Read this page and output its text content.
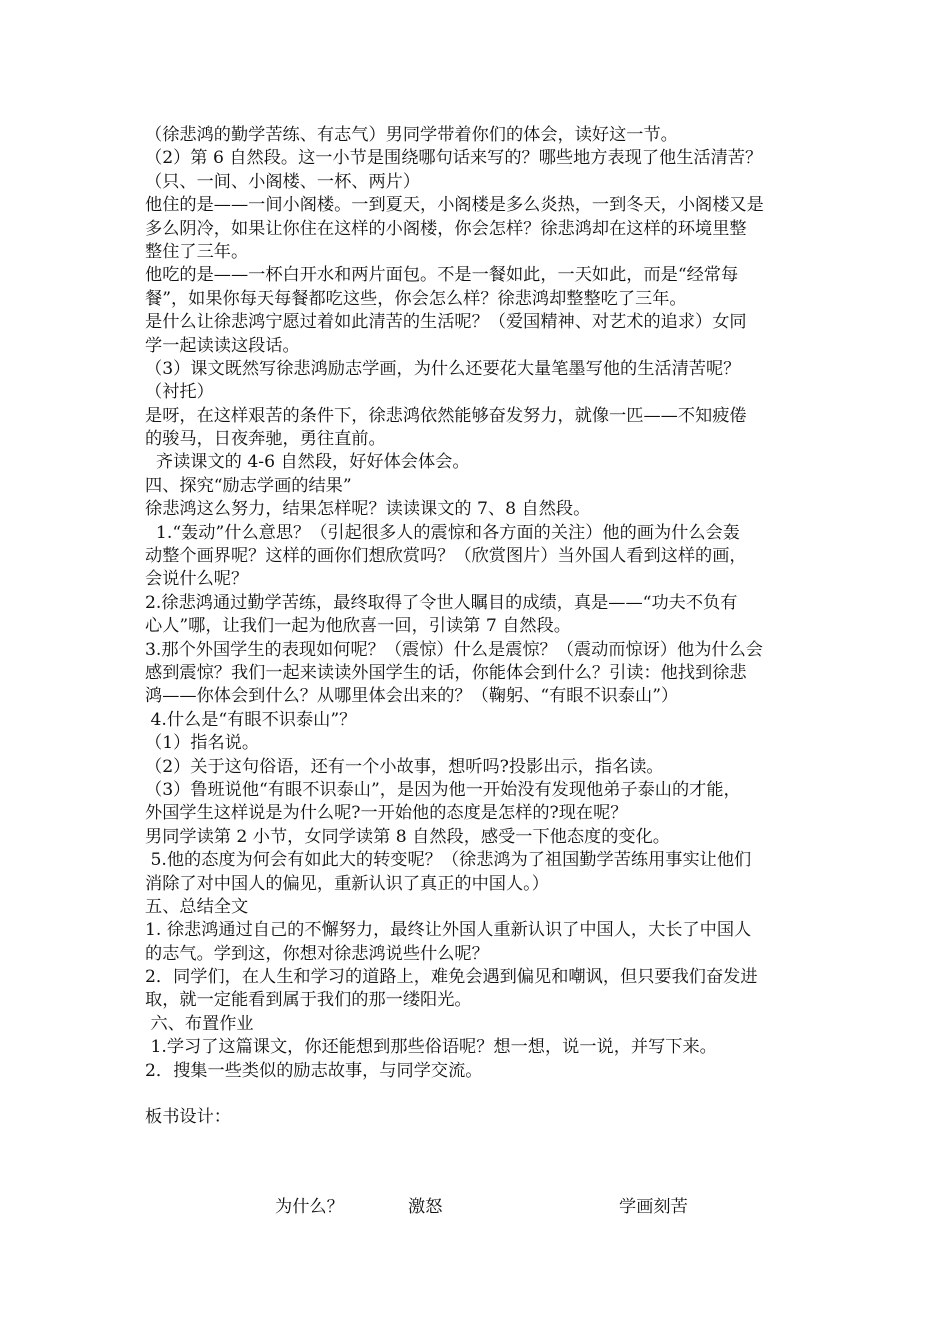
（徐悲鸿的勤学苦练、有志气）男同学带着你们的体会，读好这一节。
（2）第 6 自然段。这一小节是围绕哪句话来写的？哪些地方表现了他生活清苦？
（只、一间、小阁楼、一杯、两片）
他住的是——一间小阁楼。一到夏天，小阁楼是多么炎热，一到冬天，小阁楼又是
多么阴冷，如果让你住在这样的小阁楼，你会怎样？徐悲鸿却在这样的环境里整
整住了三年。
他吃的是——一杯白开水和两片面包。不是一餐如此，一天如此，而是“经常每
餐”，如果你每天每餐都吃这些，你会怎么样？徐悲鸿却整整吃了三年。
是什么让徐悲鸿宁愿过着如此清苦的生活呢？（爱国精神、对艺术的追求）女同
学一起读读这段话。
（3）课文既然写徐悲鸿励志学画，为什么还要花大量笔墨写他的生活清苦呢？
（衬托）
是呀，在这样艰苦的条件下，徐悲鸿依然能够奋发努力，就像一匹——不知疲倦
的骏马，日夜奔驰，勇往直前。
齐读课文的 4-6 自然段，好好体会体会。
四、探究“励志学画的结果”
徐悲鸿这么努力，结果怎样呢？读读课文的 7、8 自然段。
1.“轰动”什么意思？（引起很多人的震惊和各方面的关注）他的画为什么会轰
动整个画界呢？这样的画你们想欣赏吗？（欣赏图片）当外国人看到这样的画，
会说什么呢？
2.徐悲鸿通过勤学苦练，最终取得了令世人瞩目的成绩，真是——“功夫不负有
心人”哪，让我们一起为他欣喜一回，引读第 7 自然段。
3.那个外国学生的表现如何呢？（震惊）什么是震惊？（震动而惊讶）他为什么会
感到震惊？我们一起来读读外国学生的话，你能体会到什么？引读：他找到徐悲
鸿——你体会到什么？从哪里体会出来的？（鞠躬、“有眼不识泰山”）
4.什么是“有眼不识泰山”？
（1）指名说。
（2）关于这句俗语，还有一个小故事，想听吗?投影出示，指名读。
（3）鲁班说他“有眼不识泰山”，是因为他一开始没有发现他弟子泰山的才能，
外国学生这样说是为什么呢?一开始他的态度是怎样的?现在呢？
男同学读第 2 小节，女同学读第 8 自然段，感受一下他态度的变化。
5.他的态度为何会有如此大的转变呢？（徐悲鸿为了祖国勤学苦练用事实让他们
消除了对中国人的偏见，重新认识了真正的中国人。）
五、总结全文
1. 徐悲鸿通过自己的不懈努力，最终让外国人重新认识了中国人，大长了中国人
的志气。学到这，你想对徐悲鸿说些什么呢？
2．同学们，在人生和学习的道路上，难免会遇到偏见和嘲讽，但只要我们奋发进
取，就一定能看到属于我们的那一缕阳光。
六、布置作业
1.学习了这篇课文，你还能想到那些俗语呢？想一想，说一说，并写下来。
2．搜集一些类似的励志故事，与同学交流。
板书设计：
为什么？	激怒	学画刻苦
